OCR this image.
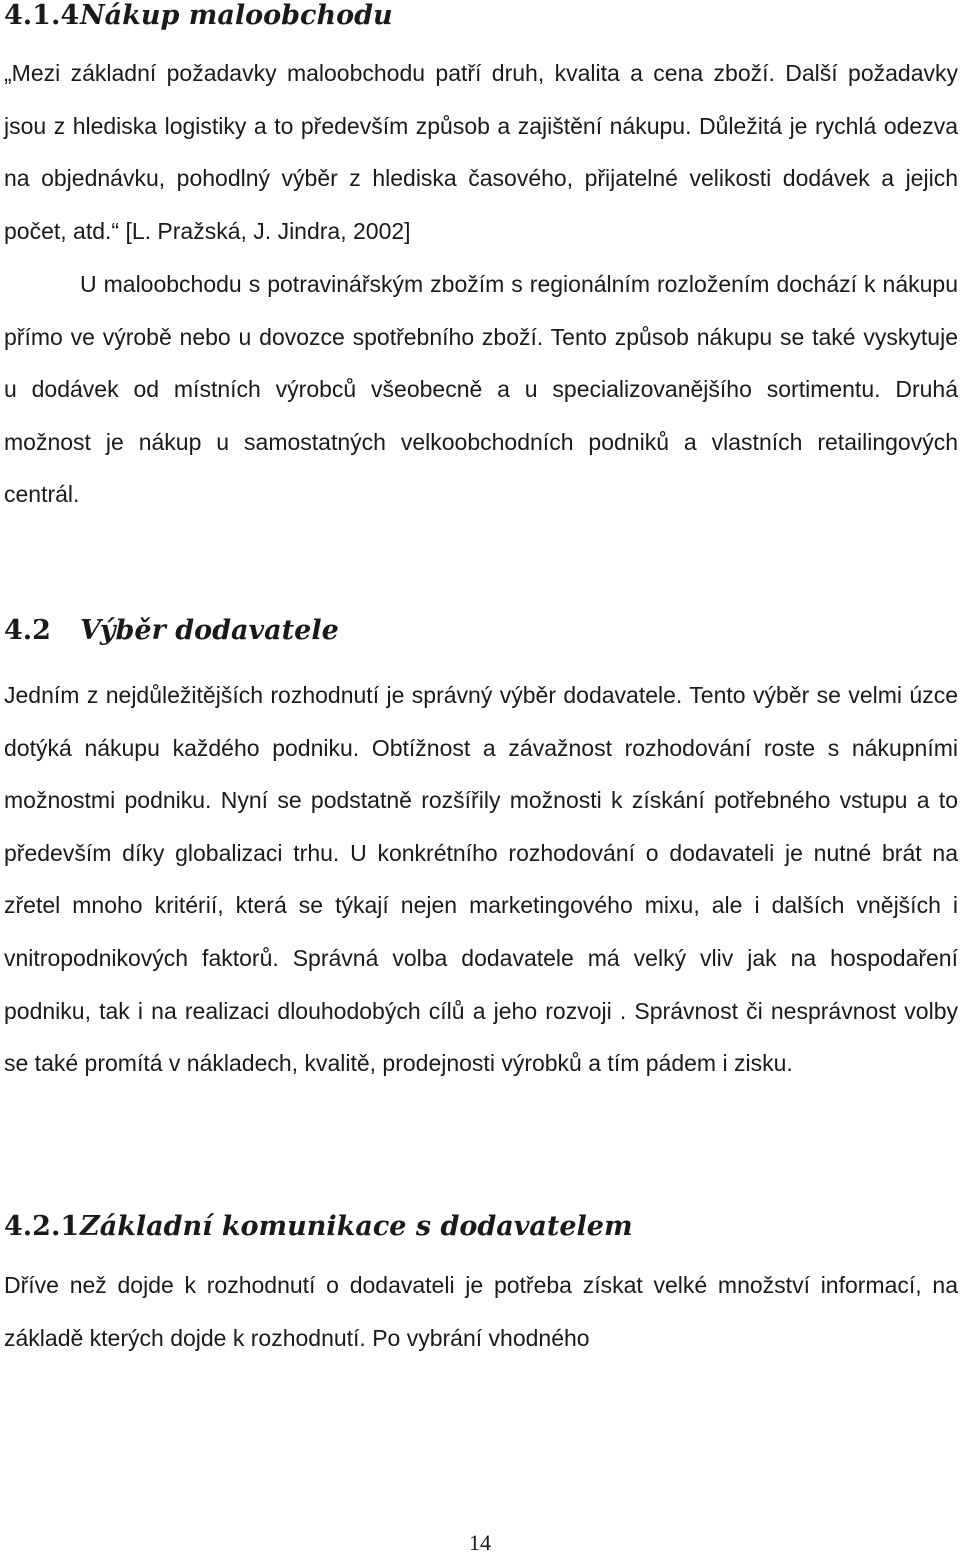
4.1.4Nákup maloobchodu

„Mezi základní požadavky maloobchodu patří druh, kvalita a cena zboží. Další požadavky jsou z hlediska logistiky a to především způsob a zajištění nákupu. Důležitá je rychlá odezva na objednávku, pohodlný výběr z hlediska časového, přijatelné velikosti dodávek a jejich počet, atd.“ [L. Pražská, J. Jindra, 2002]

U maloobchodu s potravinářským zbožím s regionálním rozložením dochází k nákupu přímo ve výrobě nebo u dovozce spotřebního zboží. Tento způsob nákupu se také vyskytuje u dodávek od místních výrobců všeobecně a u specializovanějšího sortimentu. Druhá možnost je nákup u samostatných velkoobchodních podniků a vlastních retailingových centrál.

4.2 Výběr dodavatele

Jedním z nejdůležitějších rozhodnutí je správný výběr dodavatele. Tento výběr se velmi úzce dotýká nákupu každého podniku. Obtížnost a závažnost rozhodování roste s nákupními možnostmi podniku. Nyní se podstatně rozšířily možnosti k získání potřebného vstupu a to především díky globalizaci trhu. U konkrétního rozhodování o dodavateli je nutné brát na zřetel mnoho kritérií, která se týkají nejen marketingového mixu, ale i dalších vnějších i vnitropodnikových faktorů. Správná volba dodavatele má velký vliv jak na hospodaření podniku, tak i na realizaci dlouhodobých cílů a jeho rozvoji . Správnost či nesprávnost volby se také promítá v nákladech, kvalitě, prodejnosti výrobků a tím pádem i zisku.

4.2.1Základní komunikace s dodavatelem

Dříve než dojde k rozhodnutí o dodavateli je potřeba získat velké množství informací, na základě kterých dojde k rozhodnutí. Po vybrání vhodného

14
